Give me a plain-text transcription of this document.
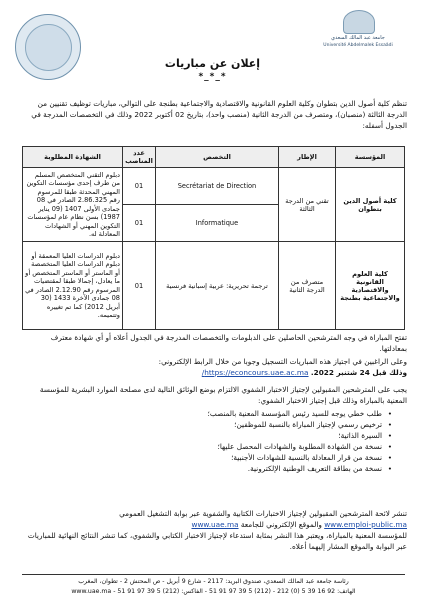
جامعة عبد المالك السعدي
Université Abdelmalek Essaâdi
إعلان عن مباريات
*_*_*
تنظم كلية أصول الدين بتطوان وكلية العلوم القانونية والاقتصادية والاجتماعية بطنجة على التوالي، مباريات توظيف تقنيين من الدرجة الثالثة (منصبان)، ومتصرف من الدرجة الثانية (منصب واحد)، بتاريخ 02 أكتوبر 2022 وذلك في التخصصات المدرجة في الجدول أسفله:
المؤسسة	الإطار	التخصص	عدد المناصب	الشهادة المطلوبة
كلية أصول الدين بتطوان	تقني من الدرجة الثالثة	Secrétariat de Direction	01	دبلوم التقني المتخصص المسلم من طرف إحدى مؤسسات التكوين المهني المحدثة طبقا للمرسوم رقم 2.86.325 الصادر في 08 جمادى الأولى 1407 (09 يناير 1987) بسن نظام عام لمؤسسات التكوين المهني أو الشهادات المعادلة له.
		Informatique	01	
كلية العلوم القانونية والاقتصادية والاجتماعية بطنجة	متصرف من الدرجة الثانية	ترجمة تحريرية: عربية إسبانية فرنسية	01	دبلوم الدراسات العليا المعمقة أو دبلوم الدراسات العليا المتخصصة أو الماستر أو الماستر المتخصص أو ما يعادل، إجمالا طبقا لمقتضيات المرسوم رقم 2.12.90 الصادر في 08 جمادى الآخرة 1433 (30 أبريل 2012) كما تم تغييره وتتميمه.
تفتح المباراة في وجه المترشحين الحاصلين على الدبلومات والتخصصات المدرجة في الجدول أعلاه أو أي شهادة معترف بمعادلتها.
وعلى الراغبين في اجتياز هذه المباريات التسجيل وجوبا من خلال الرابط الإلكتروني:
وذلك قبل 24 شتنبر 2022. https://econcours.uae.ac.ma/
يجب على المترشحين المقبولين لإجتياز الاختبار الشفوي الالتزام بوضع الوثائق التالية لدى مصلحة الموارد البشرية للمؤسسة المعنية بالمباراة وذلك قبل إجتياز الاختبار الشفوي:
• طلب خطي يوجه للسيد رئيس المؤسسة المعنية بالمنصب؛
• ترخيص رسمي لإجتياز المباراة بالنسبة للموظفين؛
• السيرة الذاتية؛
• نسخة من الشهادة المطلوبة والشهادات المحصل عليها؛
• نسخة من قرار المعادلة بالنسبة للشهادات الأجنبية؛
• نسخة من بطاقة التعريف الوطنية الإلكترونية.
تنشر لائحة المترشحين المقبولين لإجتياز الاختبارات الكتابية والشفوية عبر بوابة التشغيل العمومي
www.emploi-public.ma والموقع الإلكتروني للجامعة www.uae.ma
للمؤسسة المعنية بالمباراة، ويعتبر هذا النشر بمثابة استدعاء لإجتياز الاختبار الكتابي والشفوي، كما تنشر النتائج النهائية للمباريات عبر البوابة والموقع المشار إليهما أعلاه.
رئاسة جامعة عبد المالك السعدي، صندوق البريد: 2117 - شارع 9 أبريل - ص المحتش 2 - تطوان، المغرب
الهاتف: 92 16 39 5 (0) 212 - (212) 5 39 97 91 51 - الفاكس: (212) 5 39 97 91 51 - www.uae.ma
